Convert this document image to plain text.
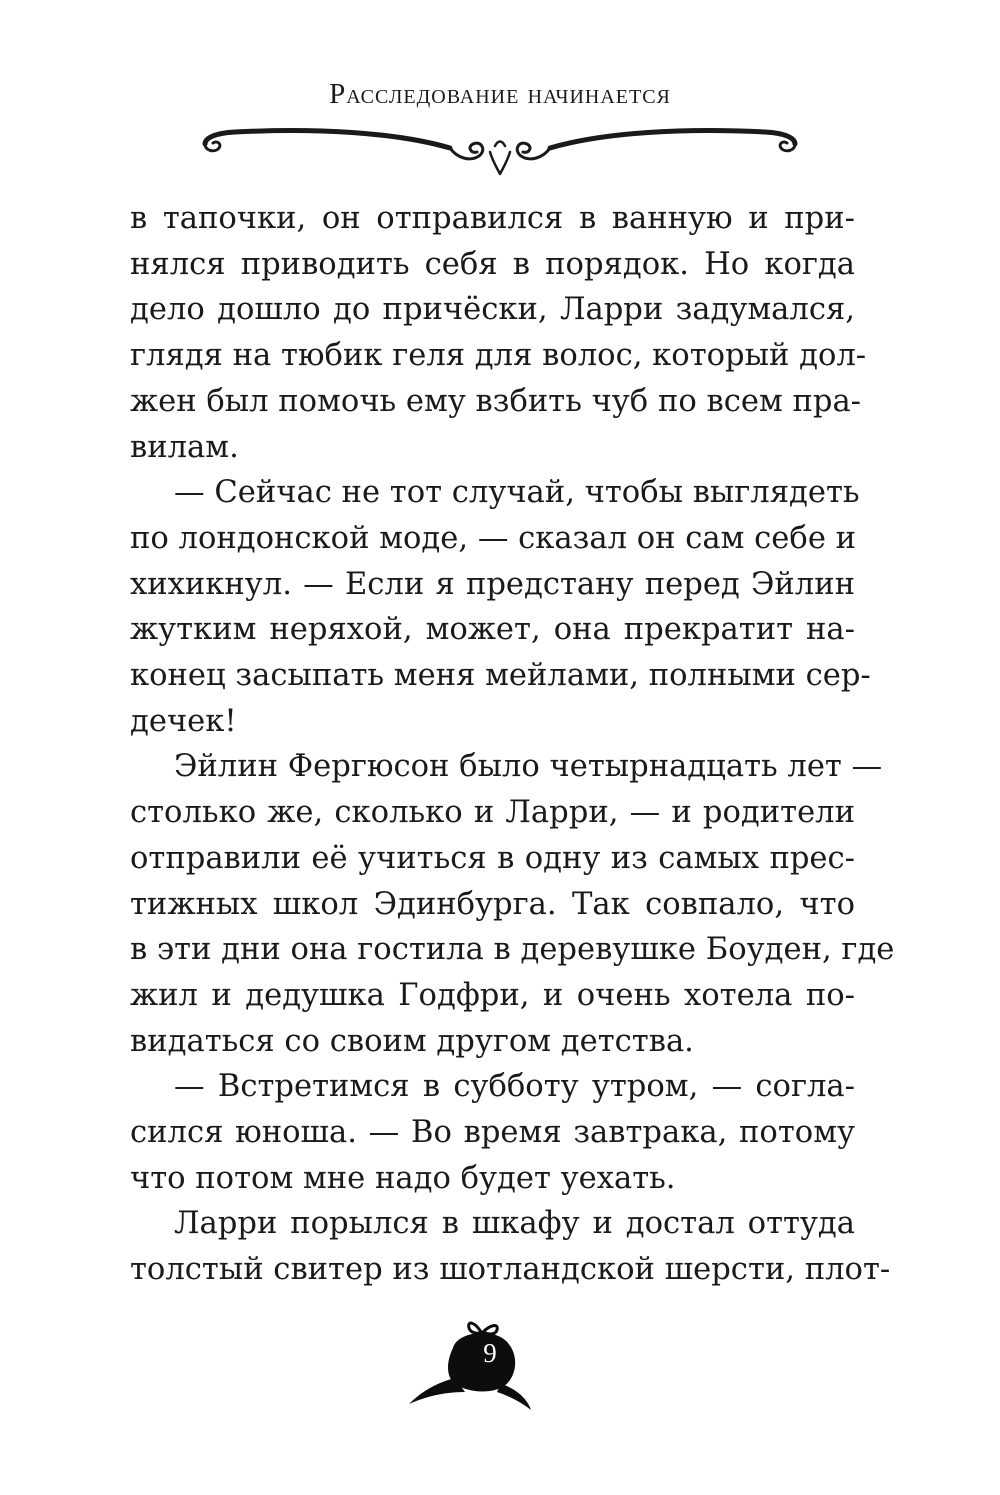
Расследование начинается

в тапочки, он отправился в ванную и при-
нялся приводить себя в порядок. Но когда
дело дошло до причёски, Ларри задумался,
глядя на тюбик геля для волос, который дол-
жен был помочь ему взбить чуб по всем пра-
вилам.

— Сейчас не тот случай, чтобы выглядеть
по лондонской моде, — сказал он сам себе и
хихикнул. — Если я предстану перед Эйлин
жутким неряхой, может, она прекратит на-
конец засыпать меня мейлами, полными сер-
дечек!

Эйлин Фергюсон было четырнадцать лет —
столько же, сколько и Ларри, — и родители
отправили её учиться в одну из самых прес-
тижных школ Эдинбурга. Так совпало, что
в эти дни она гостила в деревушке Боуден, где
жил и дедушка Годфри, и очень хотела по-
видаться со своим другом детства.

— Встретимся в субботу утром, — согла-
сился юноша. — Во время завтрака, потому
что потом мне надо будет уехать.

Ларри порылся в шкафу и достал оттуда
толстый свитер из шотландской шерсти, плот-

9
